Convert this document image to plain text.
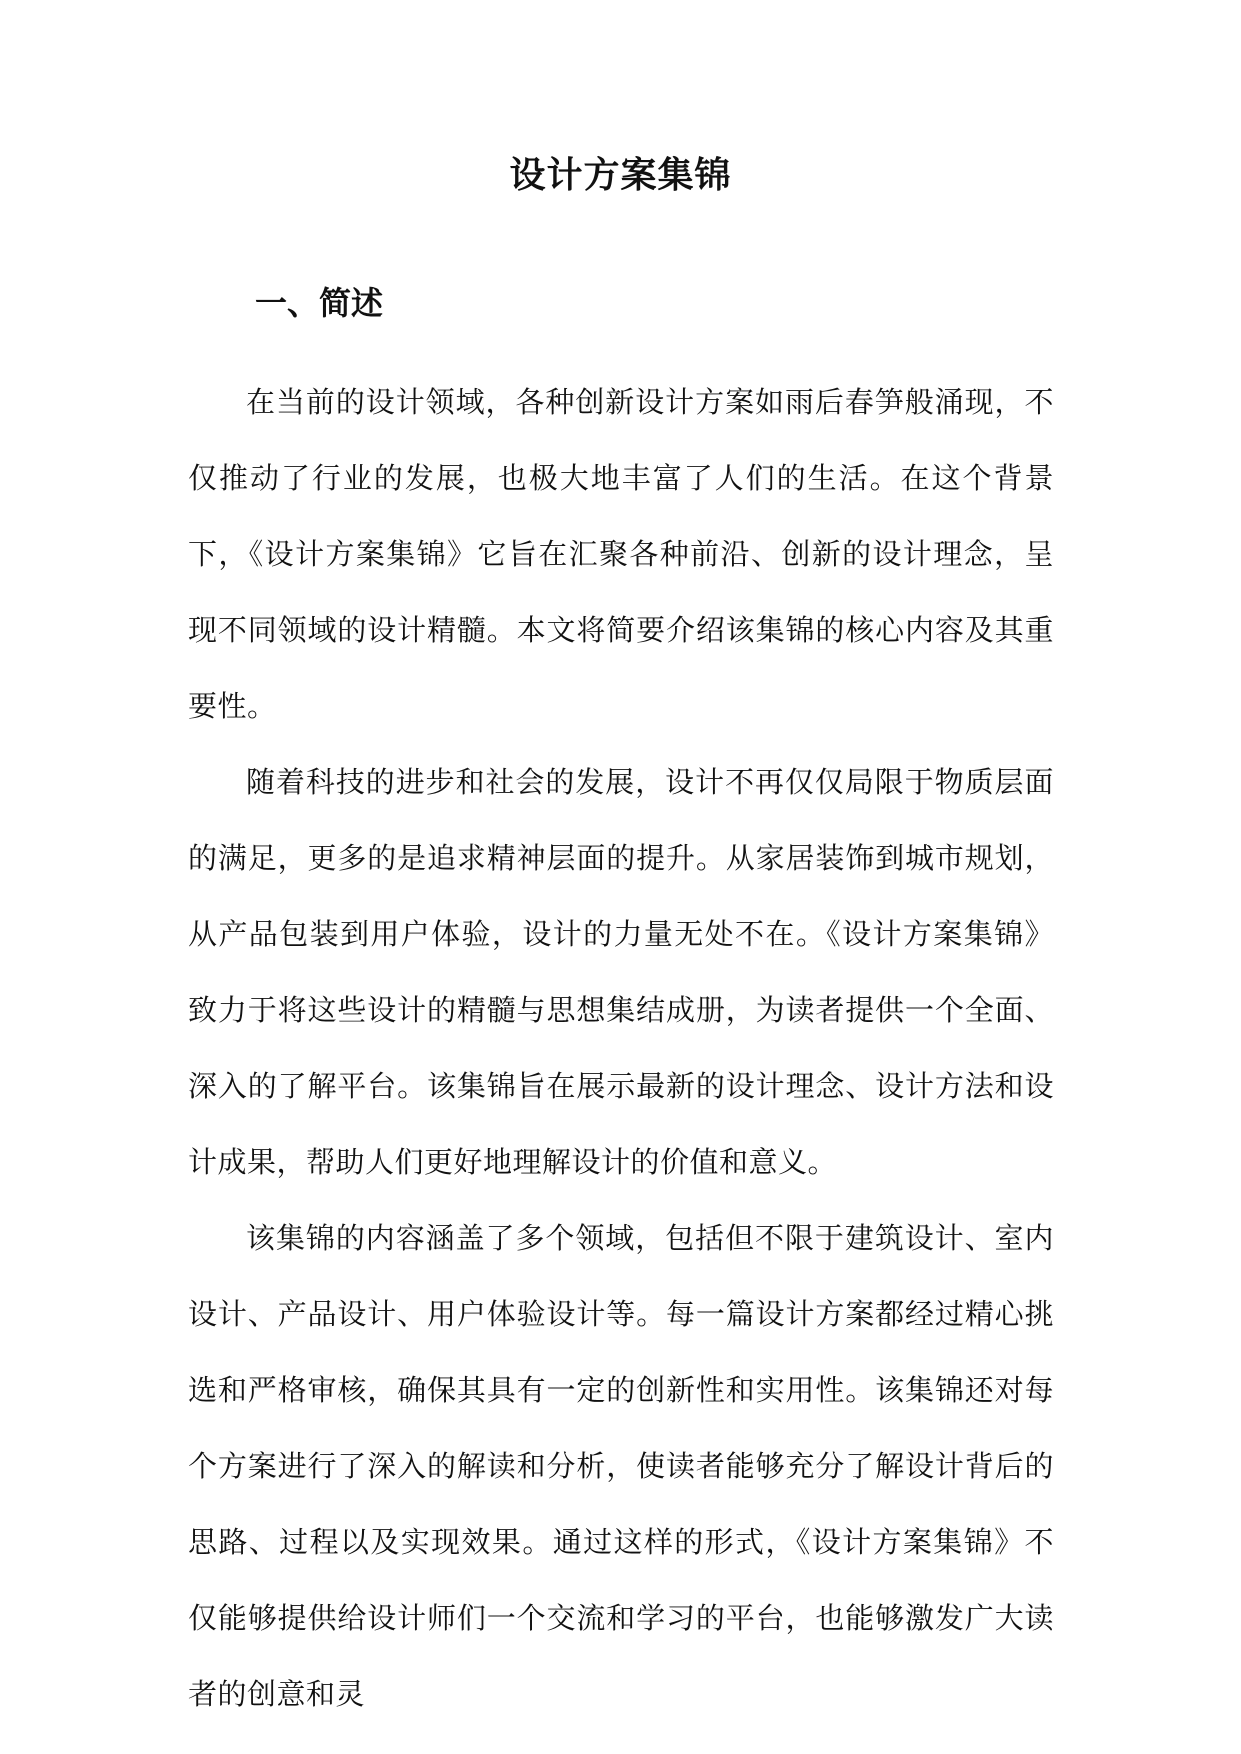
设计方案集锦
一、简述

在当前的设计领域，各种创新设计方案如雨后春笋般涌现，不仅推动了行业的发展，也极大地丰富了人们的生活。在这个背景下，《设计方案集锦》它旨在汇聚各种前沿、创新的设计理念，呈现不同领域的设计精髓。本文将简要介绍该集锦的核心内容及其重要性。

随着科技的进步和社会的发展，设计不再仅仅局限于物质层面的满足，更多的是追求精神层面的提升。从家居装饰到城市规划，从产品包装到用户体验，设计的力量无处不在。《设计方案集锦》致力于将这些设计的精髓与思想集结成册，为读者提供一个全面、深入的了解平台。该集锦旨在展示最新的设计理念、设计方法和设计成果，帮助人们更好地理解设计的价值和意义。

该集锦的内容涵盖了多个领域，包括但不限于建筑设计、室内设计、产品设计、用户体验设计等。每一篇设计方案都经过精心挑选和严格审核，确保其具有一定的创新性和实用性。该集锦还对每个方案进行了深入的解读和分析，使读者能够充分了解设计背后的思路、过程以及实现效果。通过这样的形式，《设计方案集锦》不仅能够提供给设计师们一个交流和学习的平台，也能够激发广大读者的创意和灵
